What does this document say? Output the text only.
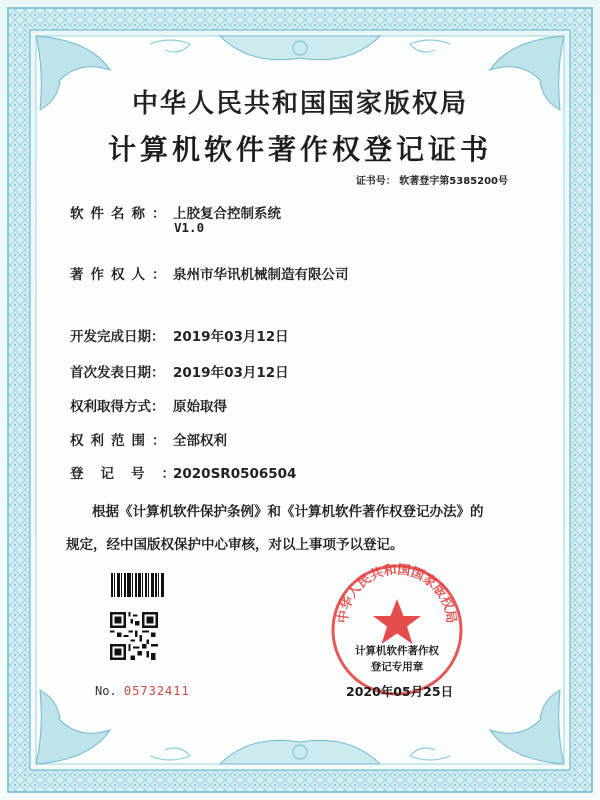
中华人民共和国国家版权局
计算机软件著作权登记证书
证书号： 软著登字第5385200号
软件名称：上胶复合控制系统
V1.0
著作权人：泉州市华讯机械制造有限公司
开发完成日期： 2019年03月12日
首次发表日期： 2019年03月12日
权利取得方式： 原始取得
权利范围：全部权利
登记号：2020SR0506504
根据《计算机软件保护条例》和《计算机软件著作权登记办法》的
规定，经中国版权保护中心审核，对以上事项予以登记。
No. 05732411
中华人民共和国国家版权局
计算机软件著作权
登记专用章
2020年05月25日
